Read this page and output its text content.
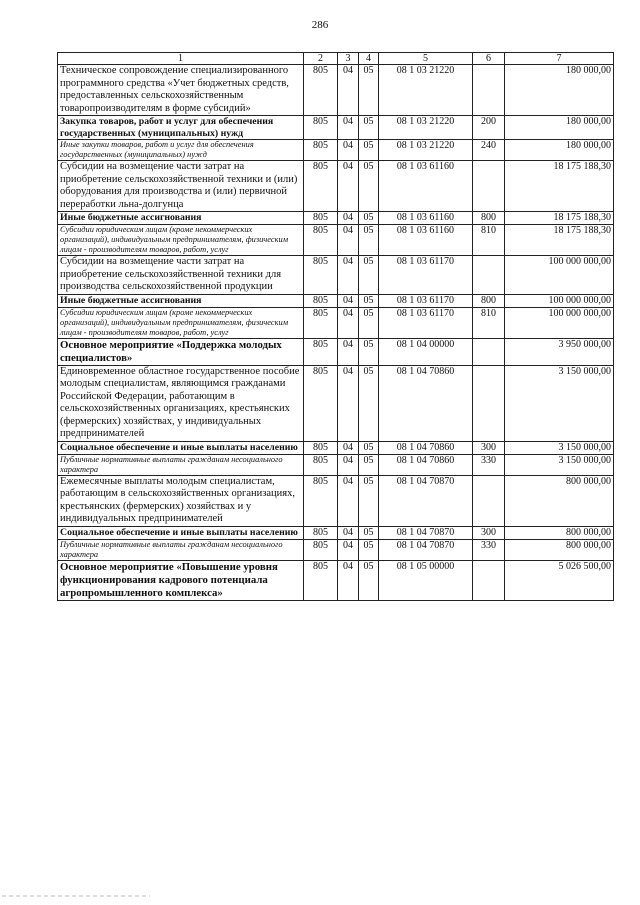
286
1	2	3	4	5	6	7
Техническое сопровождение специализированного программного средства «Учет бюджетных средств, предоставленных сельскохозяйственным товаропроизводителям в форме субсидий»	805	04	05	08 1 03 21220		180 000,00
Закупка товаров, работ и услуг для обеспечения государственных (муниципальных) нужд	805	04	05	08 1 03 21220	200	180 000,00
Иные закупки товаров, работ и услуг для обеспечения государственных (муниципальных) нужд	805	04	05	08 1 03 21220	240	180 000,00
Субсидии на возмещение части затрат на приобретение сельскохозяйственной техники и (или) оборудования для производства и (или) первичной переработки льна-долгунца	805	04	05	08 1 03 61160		18 175 188,30
Иные бюджетные ассигнования	805	04	05	08 1 03 61160	800	18 175 188,30
Субсидии юридическим лицам (кроме некоммерческих организаций), индивидуальным предпринимателям, физическим лицам - производителям товаров, работ, услуг	805	04	05	08 1 03 61160	810	18 175 188,30
Субсидии на возмещение части затрат на приобретение сельскохозяйственной техники для производства сельскохозяйственной продукции	805	04	05	08 1 03 61170		100 000 000,00
Иные бюджетные ассигнования	805	04	05	08 1 03 61170	800	100 000 000,00
Субсидии юридическим лицам (кроме некоммерческих организаций), индивидуальным предпринимателям, физическим лицам - производителям товаров, работ, услуг	805	04	05	08 1 03 61170	810	100 000 000,00
Основное мероприятие «Поддержка молодых специалистов»	805	04	05	08 1 04 00000		3 950 000,00
Единовременное областное государственное пособие молодым специалистам, являющимся гражданами Российской Федерации, работающим в сельскохозяйственных организациях, крестьянских (фермерских) хозяйствах, у индивидуальных предпринимателей	805	04	05	08 1 04 70860		3 150 000,00
Социальное обеспечение и иные выплаты населению	805	04	05	08 1 04 70860	300	3 150 000,00
Публичные нормативные выплаты гражданам несоциального характера	805	04	05	08 1 04 70860	330	3 150 000,00
Ежемесячные выплаты молодым специалистам, работающим в сельскохозяйственных организациях, крестьянских (фермерских) хозяйствах и у индивидуальных предпринимателей	805	04	05	08 1 04 70870		800 000,00
Социальное обеспечение и иные выплаты населению	805	04	05	08 1 04 70870	300	800 000,00
Публичные нормативные выплаты гражданам несоциального характера	805	04	05	08 1 04 70870	330	800 000,00
Основное мероприятие «Повышение уровня функционирования кадрового потенциала агропромышленного комплекса»	805	04	05	08 1 05 00000		5 026 500,00
